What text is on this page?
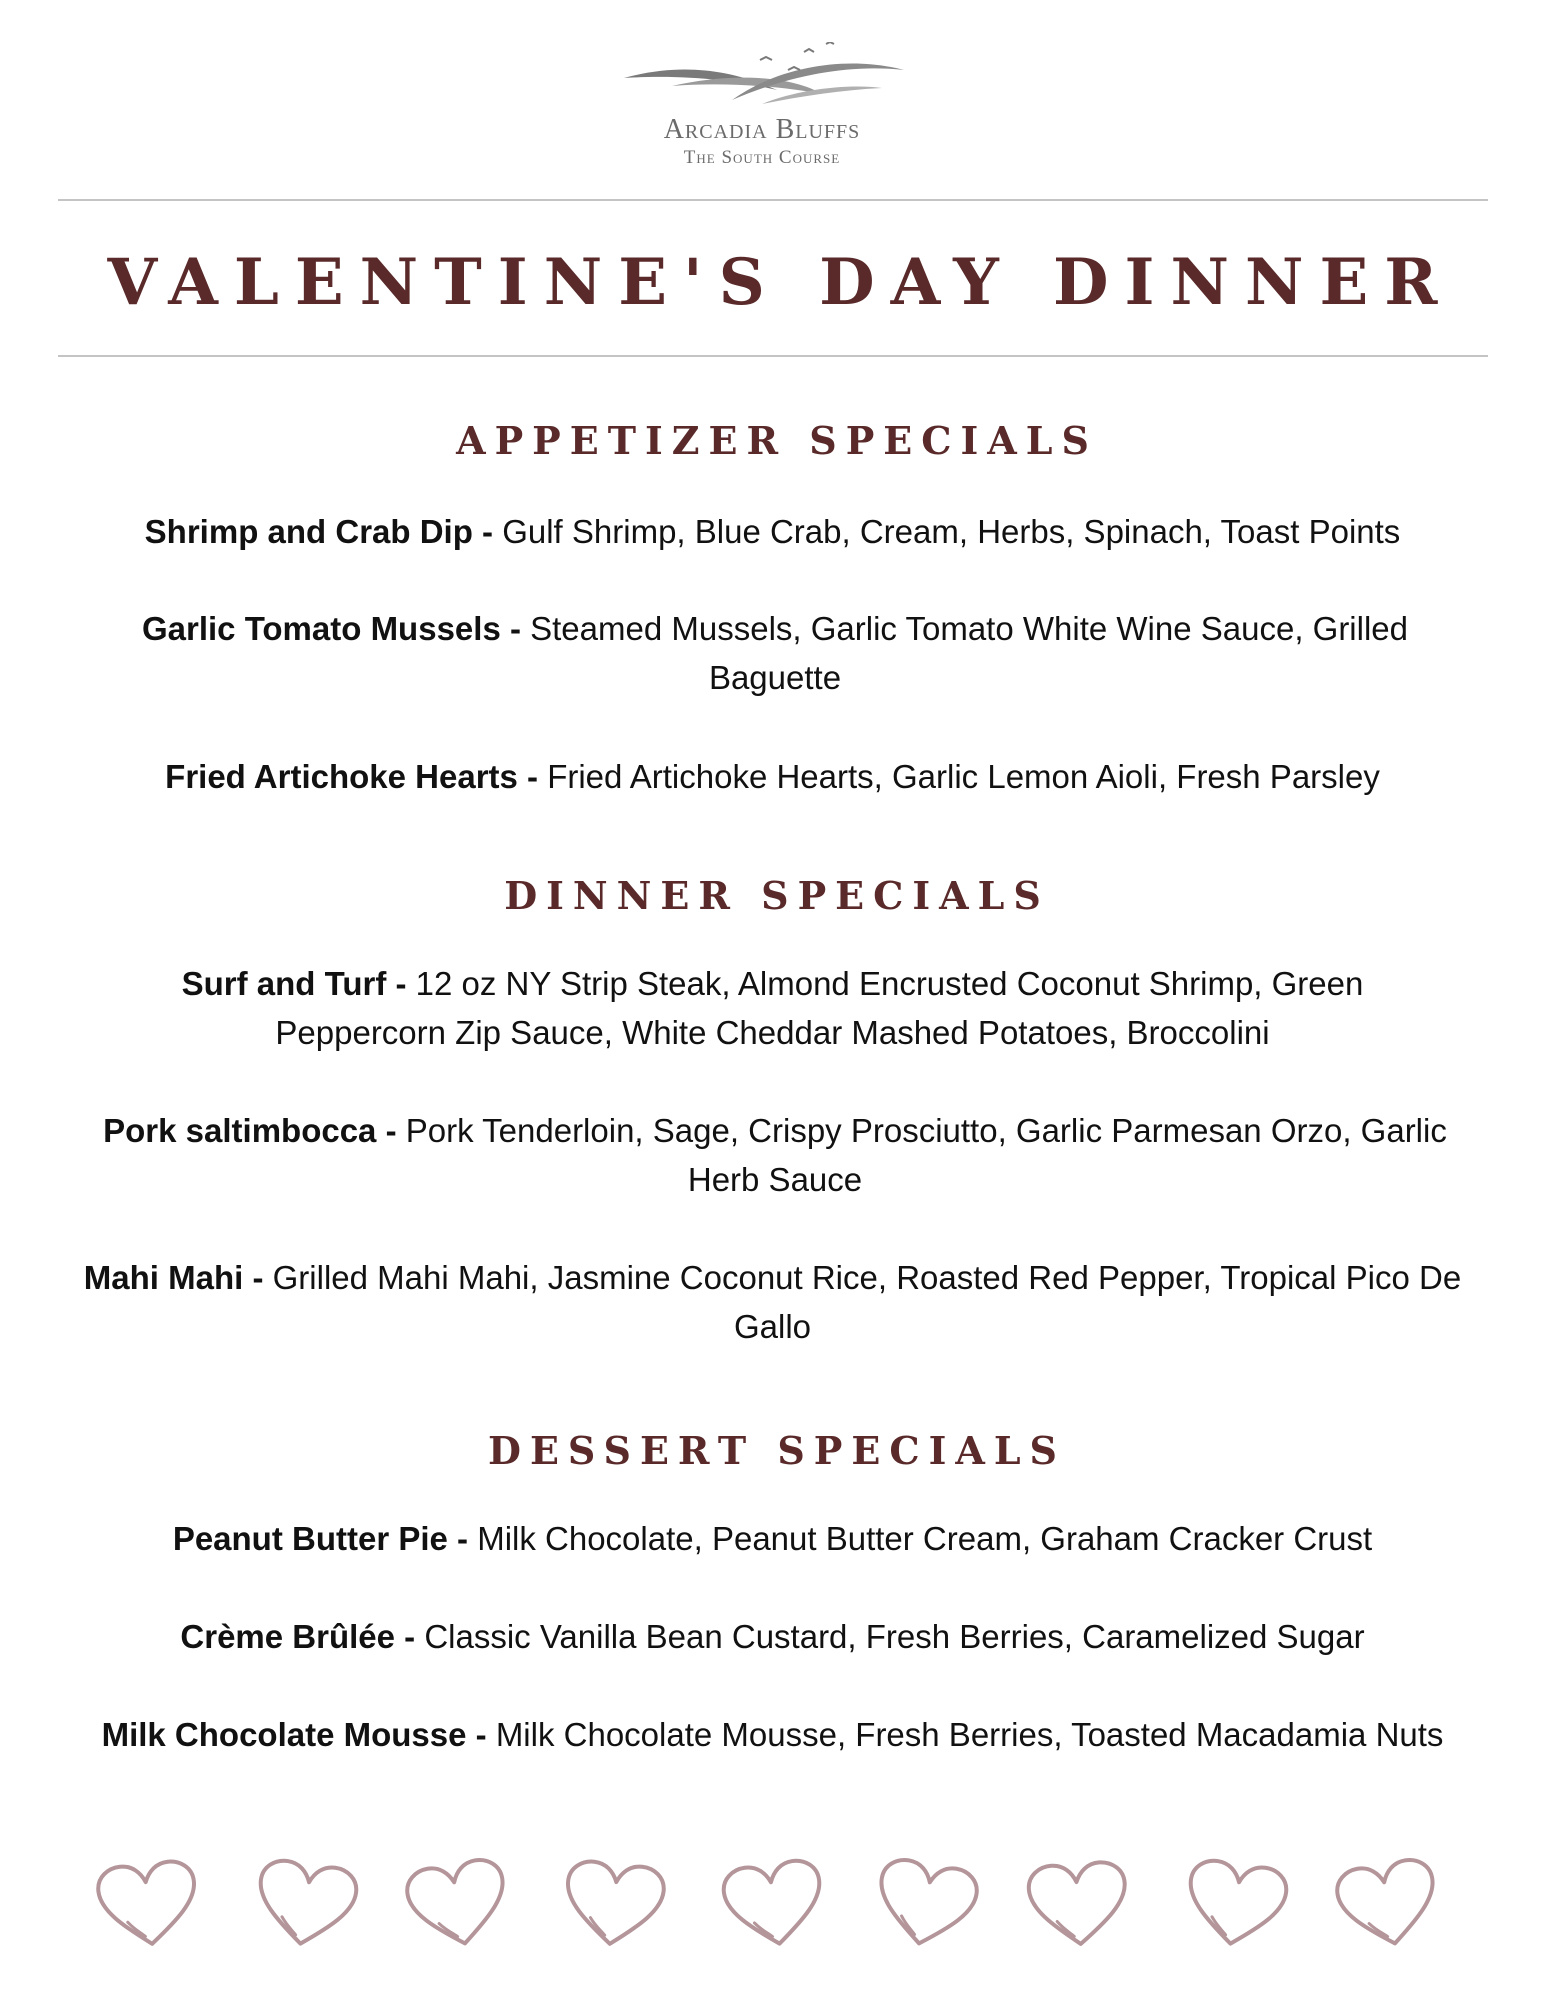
Arcadia Bluffs
The South Course
VALENTINE'S DAY DINNER
APPETIZER SPECIALS
Shrimp and Crab Dip - Gulf Shrimp, Blue Crab, Cream, Herbs, Spinach, Toast Points
Garlic Tomato Mussels - Steamed Mussels, Garlic Tomato White Wine Sauce, Grilled Baguette
Fried Artichoke Hearts - Fried Artichoke Hearts, Garlic Lemon Aioli, Fresh Parsley
DINNER SPECIALS
Surf and Turf - 12 oz NY Strip Steak, Almond Encrusted Coconut Shrimp, Green Peppercorn Zip Sauce, White Cheddar Mashed Potatoes, Broccolini
Pork saltimbocca - Pork Tenderloin, Sage, Crispy Prosciutto, Garlic Parmesan Orzo, Garlic Herb Sauce
Mahi Mahi - Grilled Mahi Mahi, Jasmine Coconut Rice, Roasted Red Pepper, Tropical Pico De Gallo
DESSERT SPECIALS
Peanut Butter Pie - Milk Chocolate, Peanut Butter Cream, Graham Cracker Crust
Crème Brûlée - Classic Vanilla Bean Custard, Fresh Berries, Caramelized Sugar
Milk Chocolate Mousse - Milk Chocolate Mousse, Fresh Berries, Toasted Macadamia Nuts
